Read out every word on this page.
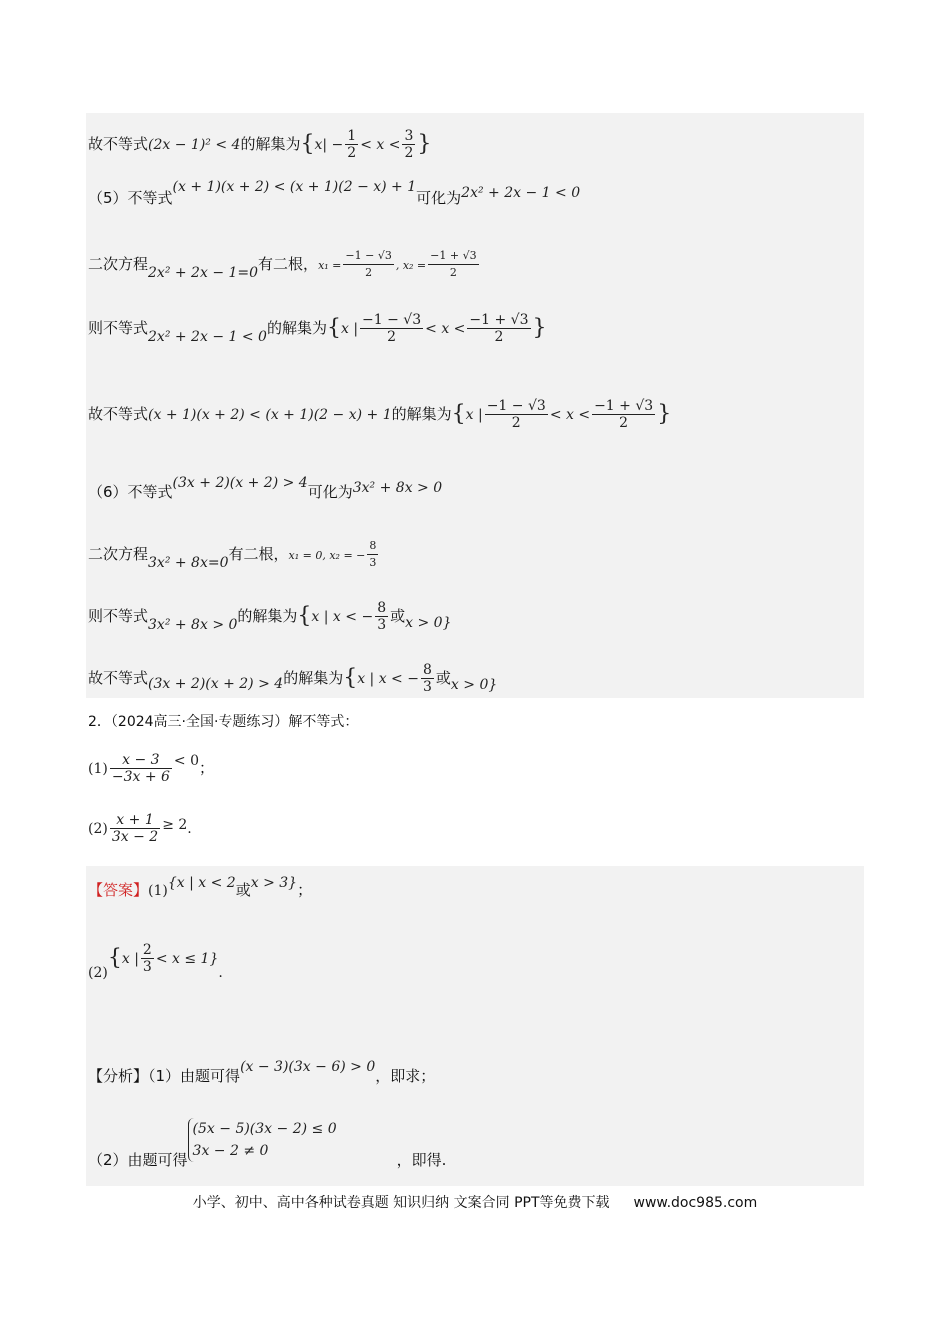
故不等式(2x − 1)² < 4的解集为{$x| - \frac{1}{2} < x < \frac{3}{2}$ }
（5）不等式(x + 1)(x + 2) < (x + 1)(2 − x) + 1可化为2x² + 2x − 1 < 0
二次方程2x² + 2x − 1=0有二根，$x_1 = \frac{-1 - √3}{2}$ , $x_2 = \frac{-1 + √3}{2}$
则不等式2x² + 2x − 1 < 0的解集为{x | $\frac{-1 - √3}{2} < x < \frac{-1 + √3}{2}$ }
故不等式(x + 1)(x + 2) < (x + 1)(2 − x) + 1的解集为{x | $\frac{-1 - √3}{2} < x < \frac{-1 + √3}{2}$ }
（6）不等式(3x + 2)(x + 2) > 4可化为3x² + 8x > 0
二次方程3x² + 8x=0有二根，x₁ = 0, x₂ = − $\frac{8}{3}$
则不等式3x² + 8x > 0的解集为{x | x < − $\frac{8}{3}$ 或x > 0}
故不等式(3x + 2)(x + 2) > 4的解集为{x | x < − $\frac{8}{3}$ 或x > 0}
2．（2024高三·全国·专题练习）解不等式：
$(1) \frac{x - 3}{-3x + 6} < 0$；
$(2) \frac{x + 1}{3x - 2} \ge 2$.
【答案】(1){x | x < 2或x > 3}；
(2){x | $\frac{2}{3} < x \le 1$}.
【分析】（1）由题可得(x − 3)(3x − 6) > 0，即求；
（2）由题可得
(5x − 5)(3x − 2) ≤ 0
3x − 2 ≠ 0	，即得.
小学、初中、高中各种试卷真题 知识归纳 文案合同 PPT等免费下载 www.doc985.com
